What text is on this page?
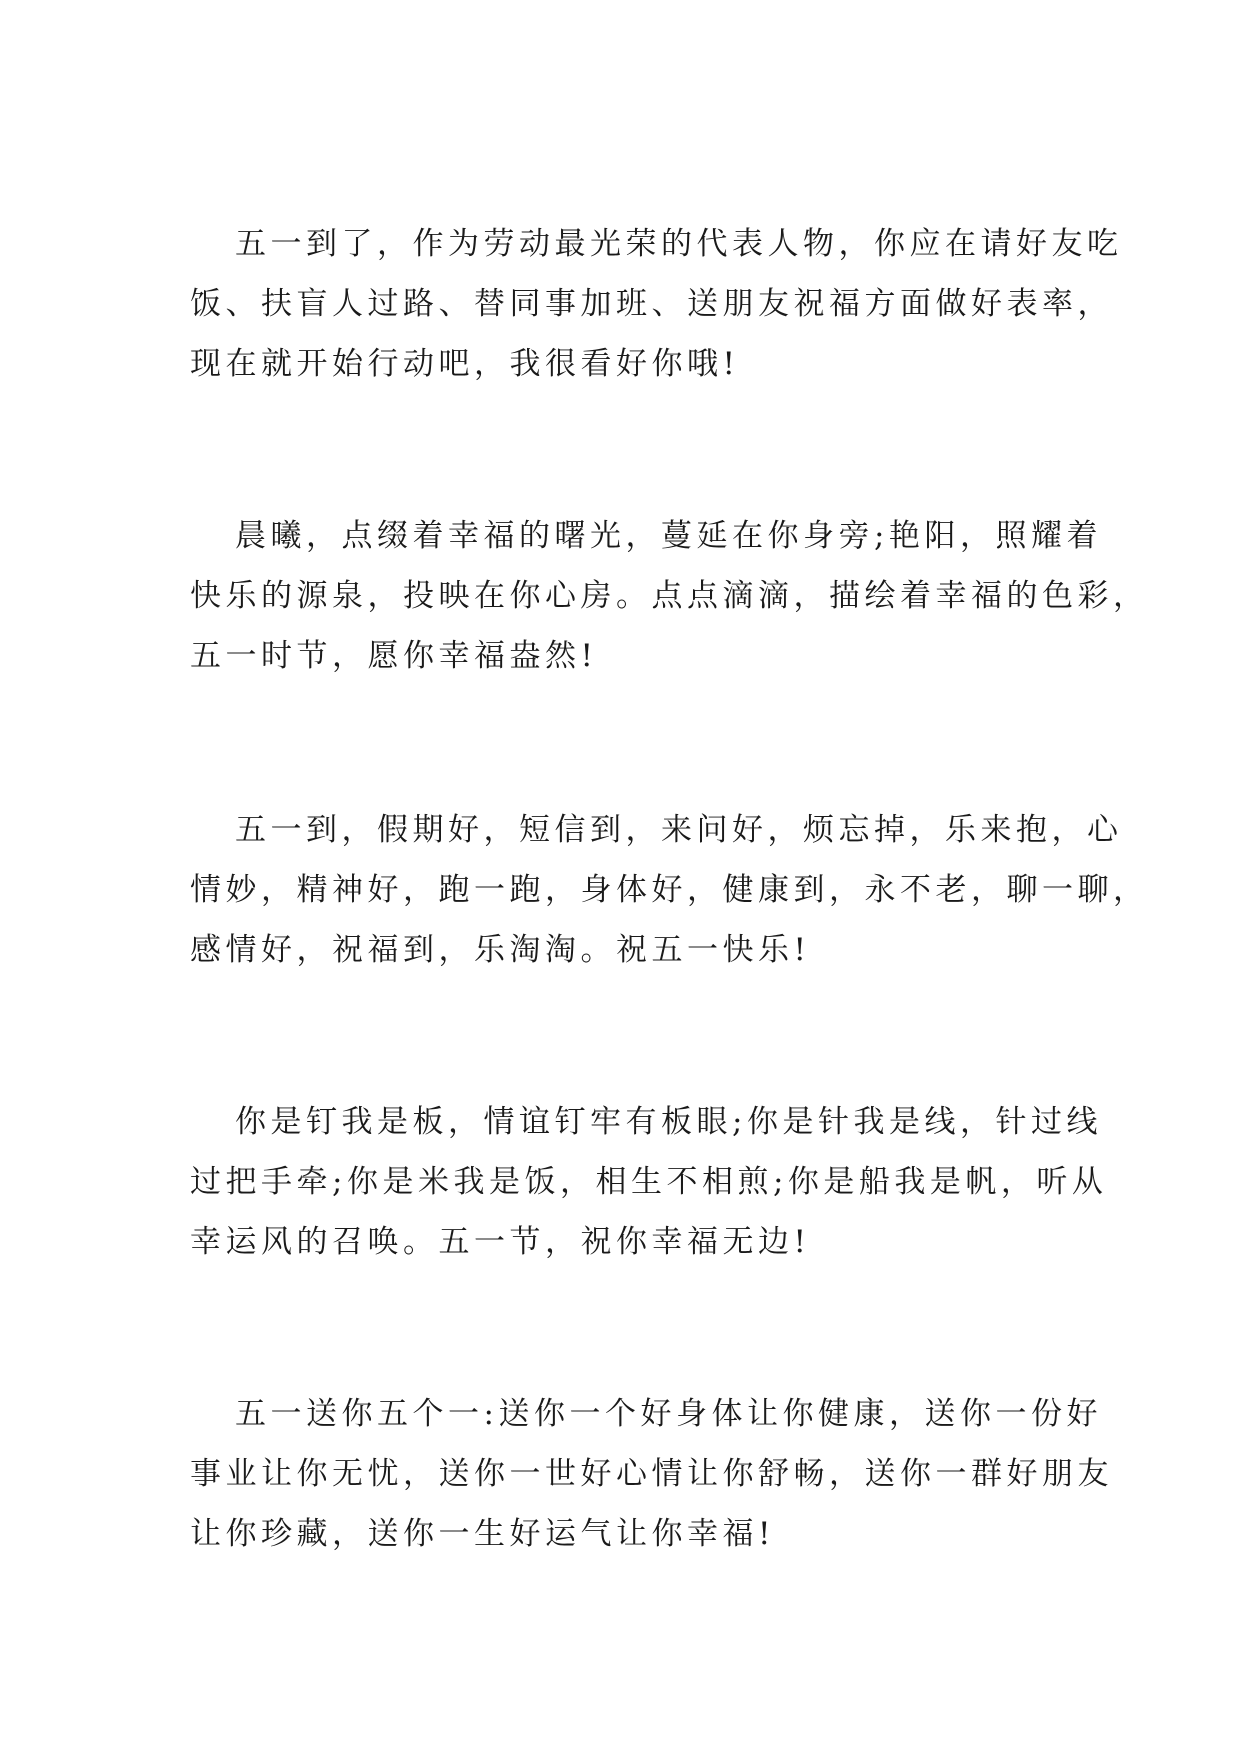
五一到了，作为劳动最光荣的代表人物，你应在请好友吃
饭、扶盲人过路、替同事加班、送朋友祝福方面做好表率，
现在就开始行动吧，我很看好你哦!

晨曦，点缀着幸福的曙光，蔓延在你身旁;艳阳，照耀着
快乐的源泉，投映在你心房。点点滴滴，描绘着幸福的色彩，
五一时节，愿你幸福盎然!

五一到，假期好，短信到，来问好，烦忘掉，乐来抱，心
情妙，精神好，跑一跑，身体好，健康到，永不老，聊一聊，
感情好，祝福到，乐淘淘。祝五一快乐!

你是钉我是板，情谊钉牢有板眼;你是针我是线，针过线
过把手牵;你是米我是饭，相生不相煎;你是船我是帆，听从
幸运风的召唤。五一节，祝你幸福无边!

五一送你五个一:送你一个好身体让你健康，送你一份好
事业让你无忧，送你一世好心情让你舒畅，送你一群好朋友
让你珍藏，送你一生好运气让你幸福!
